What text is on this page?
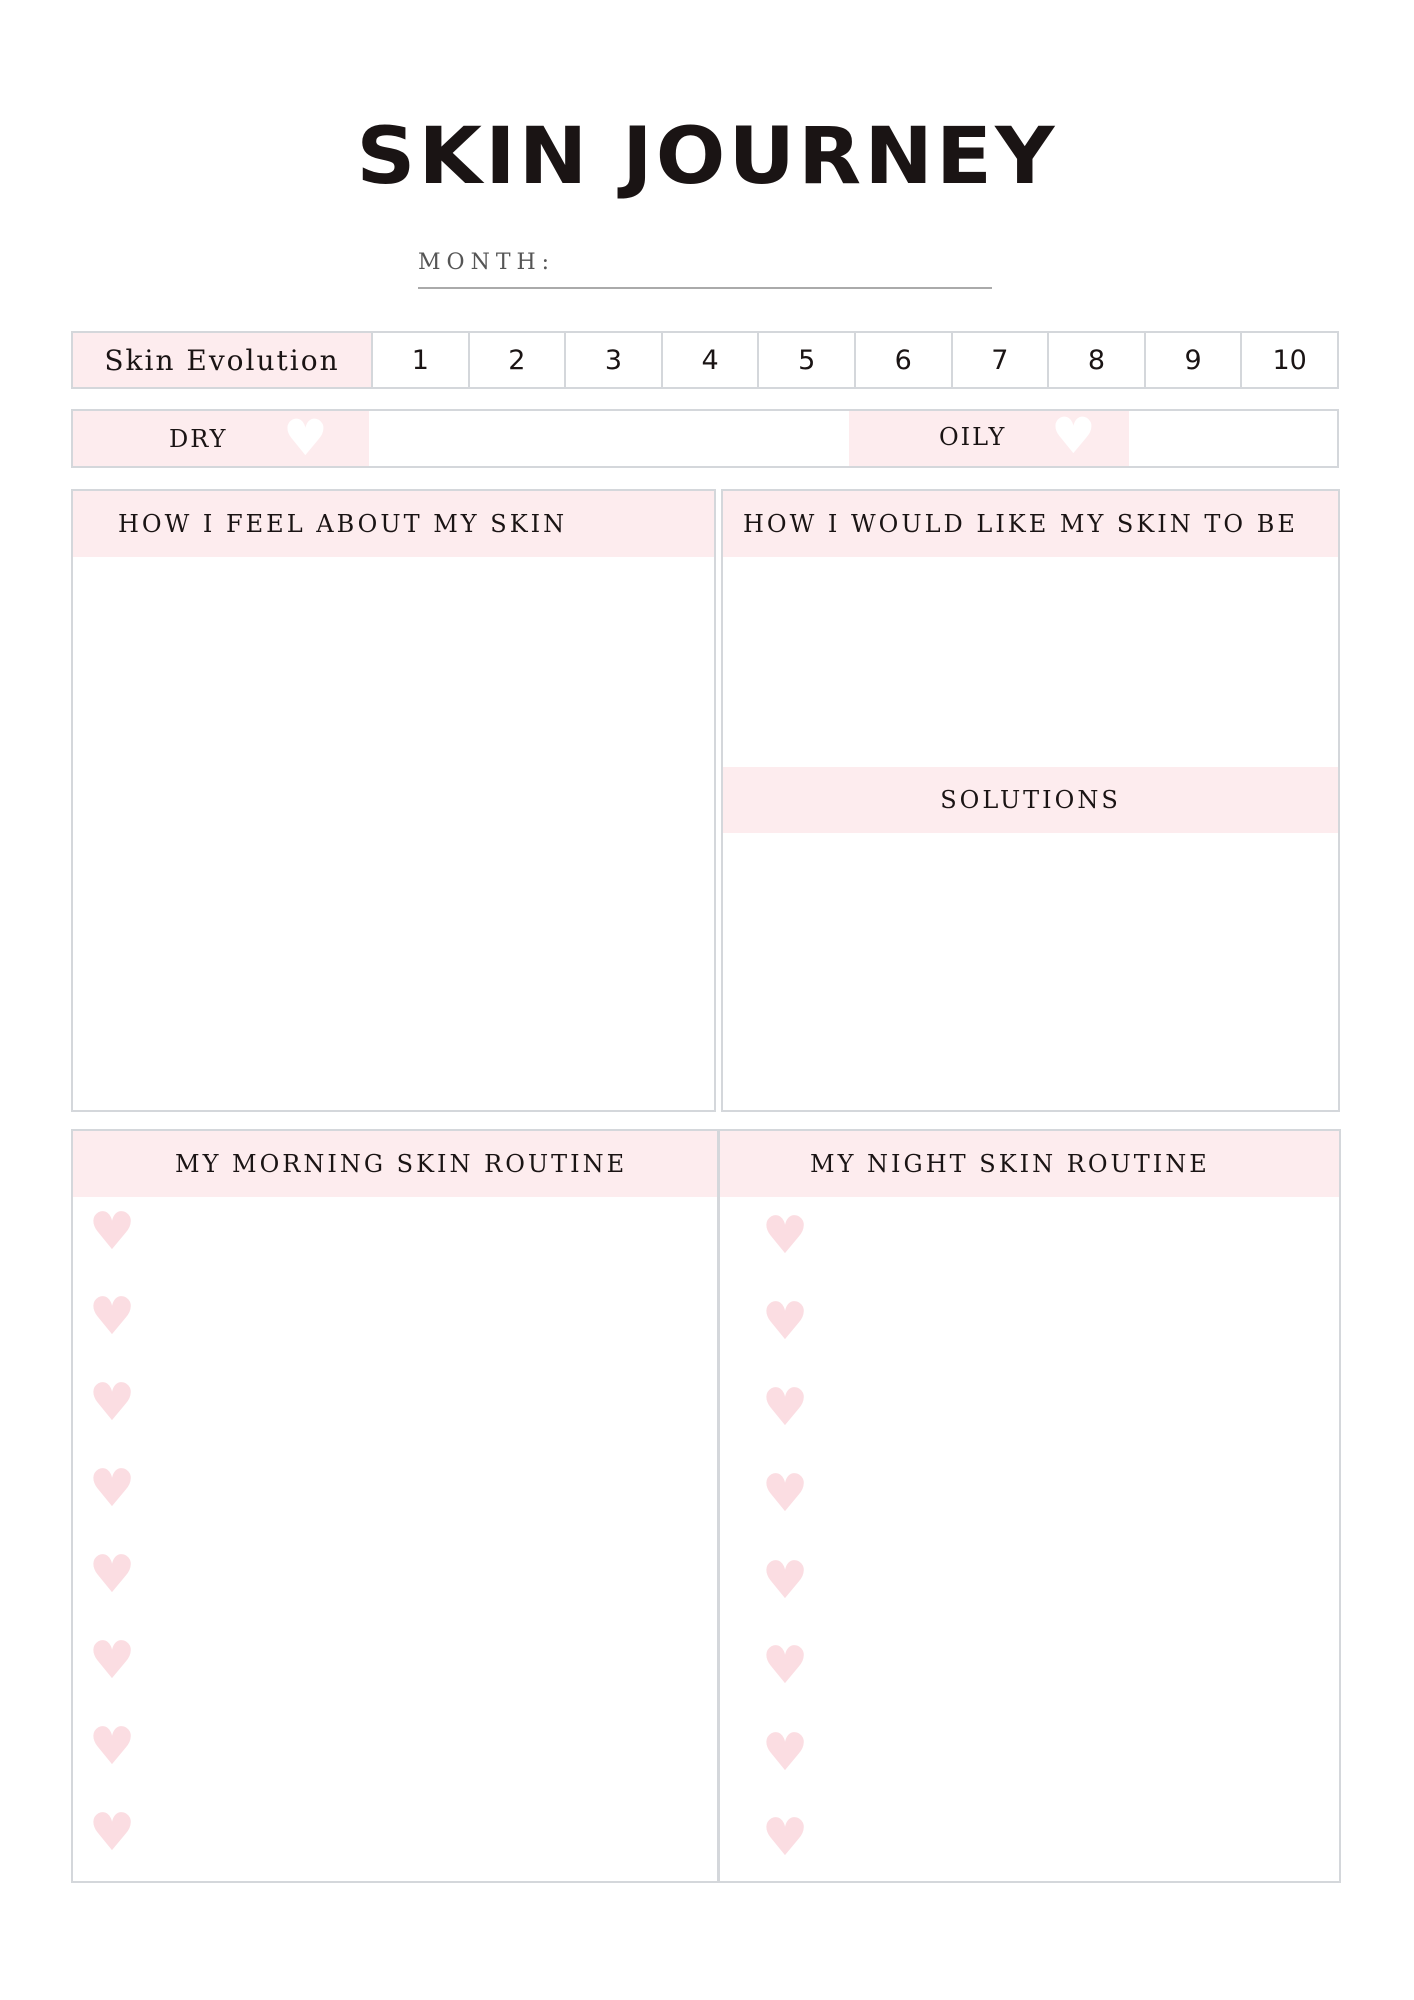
SKIN JOURNEY
MONTH:
Skin Evolution	1	2	3	4	5	6	7	8	9	10
DRY ♥	OILY ♥
HOW I FEEL ABOUT MY SKIN	HOW I WOULD LIKE MY SKIN TO BE
SOLUTIONS
MY MORNING SKIN ROUTINE	MY NIGHT SKIN ROUTINE
♥
♥
♥
♥
♥
♥
♥
♥
♥
♥
♥
♥
♥
♥
♥
♥
